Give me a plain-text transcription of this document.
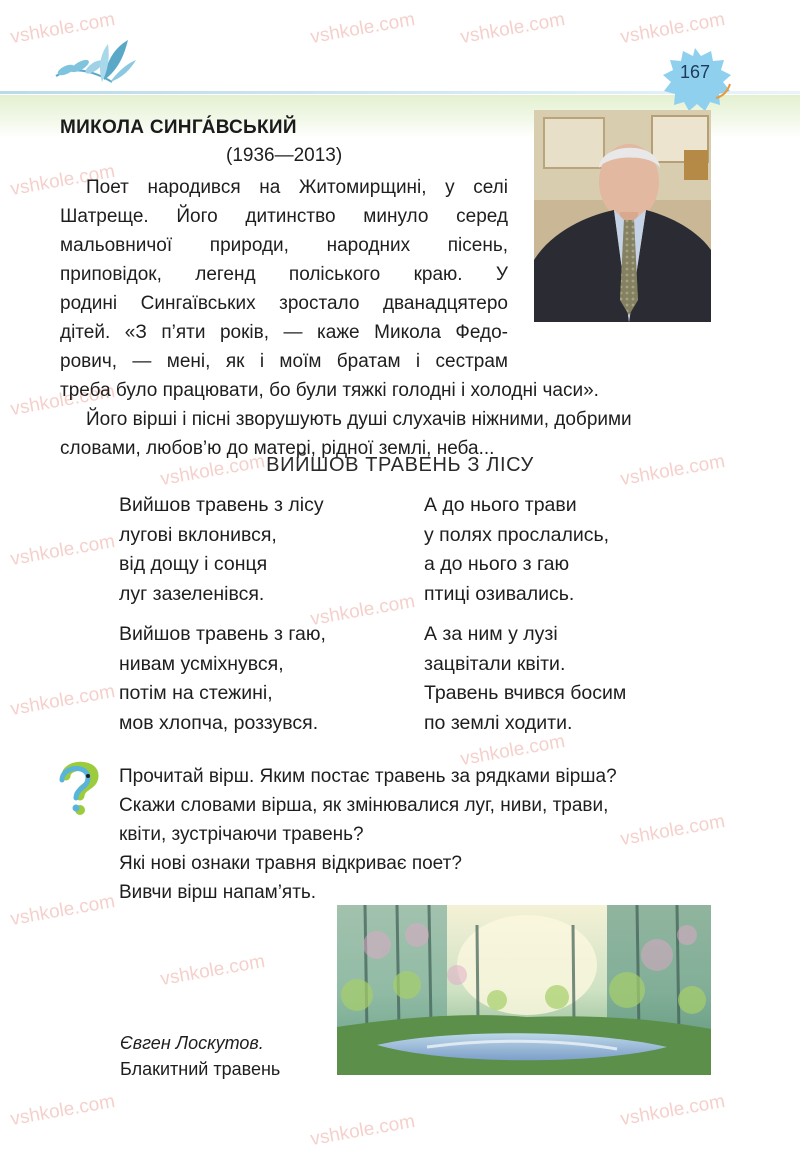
vshkole.com	vshkole.com vshkole.com	vshkole.com
vshkole.com
vshkole.com
vshkole.com
vshkole.com
vshkole.com
vshkole.com
vshkole.com
vshkole.com
vshkole.com
vshkole.com
vshkole.com
vshkole.com
vshkole.com
vshkole.com
167
МИКОЛА СИНГА́ВСЬКИЙ
(1936—2013)
Поет народився на Житомирщині, у селі
Шатреще. Його дитинство минуло серед
мальовничої природи, народних пісень,
приповідок, легенд поліського краю. У
родині Сингаївських зростало дванадцятеро
дітей. «З п’яти років, — каже Микола Федо-
рович, — мені, як і моїм братам і сестрам
треба було працювати, бо були тяжкі голодні і холодні часи».
Його вірші і пісні зворушують душі слухачів ніжними, добрими
словами, любов’ю до матері, рідної землі, неба...
ВИЙШОВ ТРАВЕНЬ З ЛІСУ
Вийшов травень з лісу
лугові вклонився,
від дощу і сонця
луг зазеленівся.
А до нього трави
у полях прослались,
а до нього з гаю
птиці озивались.
Вийшов травень з гаю,
нивам усміхнувся,
потім на стежині,
мов хлопча, роззувся.
А за ним у лузі
зацвітали квіти.
Травень вчився босим
по землі ходити.
Прочитай вірш. Яким постає травень за рядками вірша?
Скажи словами вірша, як змінювалися луг, ниви, трави,
квіти, зустрічаючи травень?
Які нові ознаки травня відкриває поет?
Вивчи вірш напам’ять.
Євген Лоскутов.
Блакитний травень
